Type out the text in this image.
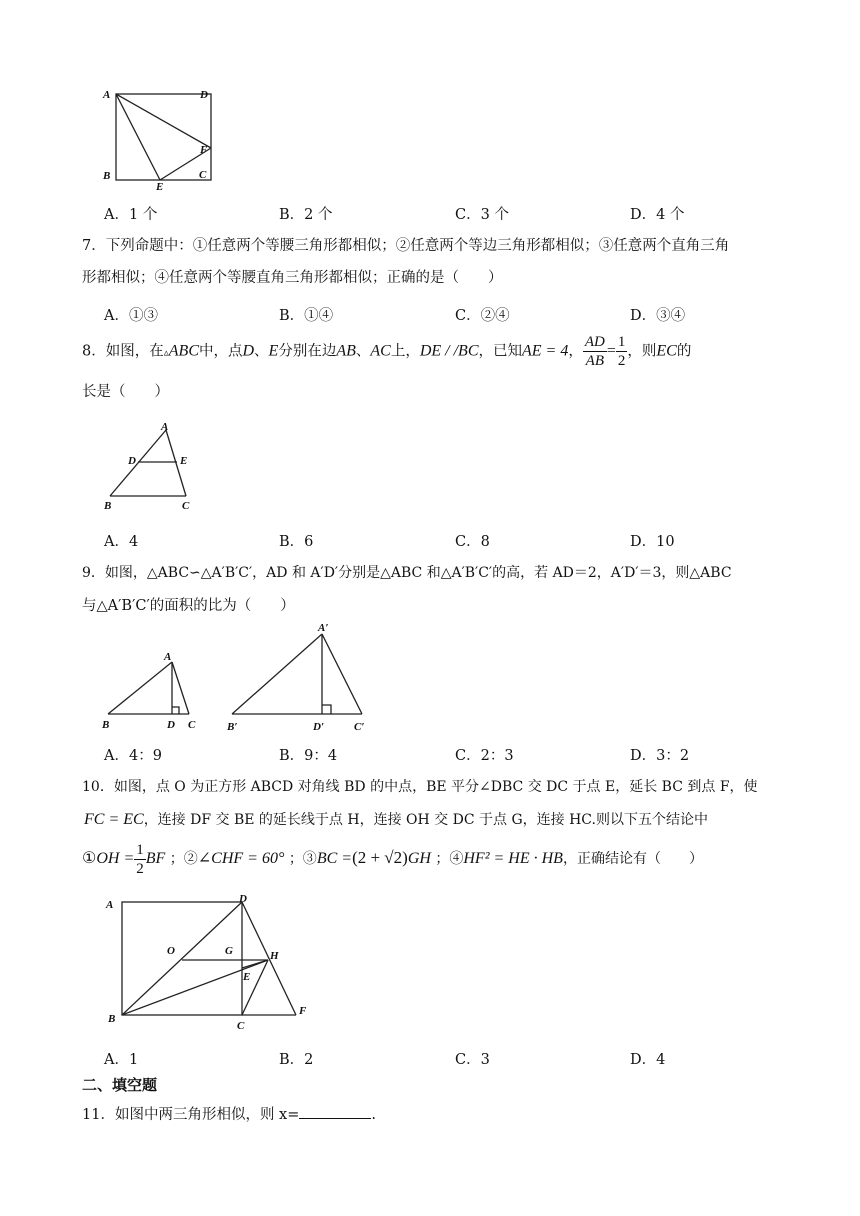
A	D
F
B
E
C
A．1 个	B．2 个	C．3 个	D．4 个
7．下列命题中：①任意两个等腰三角形都相似；②任意两个等边三角形都相似；③任意两个直角三角
形都相似；④任意两个等腰直角三角形都相似；正确的是（　　）
A．①③	B．①④	C．②④	D．③④
8．如图，在▵ABC中，点D、E分别在边AB、AC上，DE / /BC，已知AE = 4， $\frac{AD}{AB} = \frac{1}{2}$ ，则EC的
长是（　　）
A
D	E
B	C
A．4	B．6	C．8	D．10
9．如图，△ABC∽△A′B′C′，AD 和 A′D′分别是△ABC 和△A′B′C′的高，若 AD＝2，A′D′＝3，则△ABC
与△A′B′C′的面积的比为（　　）
A
B	D C
A′
B′	D′	C′
A．4：9	B．9：4	C．2：3	D．3：2
10．如图，点 O 为正方形 ABCD 对角线 BD 的中点，BE 平分∠DBC 交 DC 于点 E，延长 BC 到点 F，使
FC = EC，连接 DF 交 BE 的延长线于点 H，连接 OH 交 DC 于点 G，连接 HC.则以下五个结论中
①OH = $\frac{1}{2}$ BF ；②∠CHF = 60° ；③BC =(2 + √2)GH ；④HF² = HE · HB，正确结论有（　　）
A	D
O	G	H
E
B
C
F
A．1	B．2	C．3	D．4
二、填空题
11．如图中两三角形相似，则 x=	.
